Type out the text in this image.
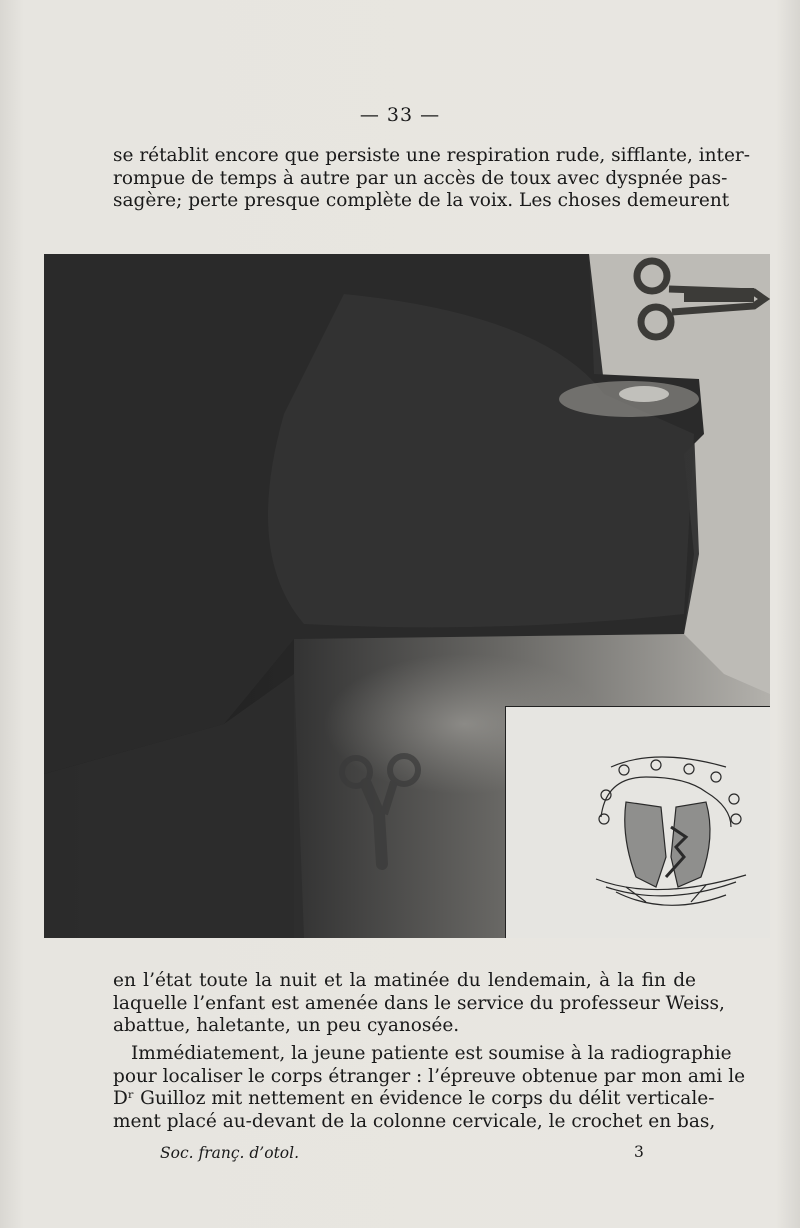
— 33 —
se rétablit encore que persiste une respiration rude, sifflante, inter-
rompue de temps à autre par un accès de toux avec dyspnée pas-
sagère; perte presque complète de la voix. Les choses demeurent
en l’état toute la nuit et la matinée du lendemain, à la fin de
laquelle l’enfant est amenée dans le service du professeur Weiss,
abattue, haletante, un peu cyanosée.
Immédiatement, la jeune patiente est soumise à la radiographie
pour localiser le corps étranger : l’épreuve obtenue par mon ami le
Dʳ Guilloz mit nettement en évidence le corps du délit verticale-
ment placé au-devant de la colonne cervicale, le crochet en bas,
Soc. franç. d’otol.	3
